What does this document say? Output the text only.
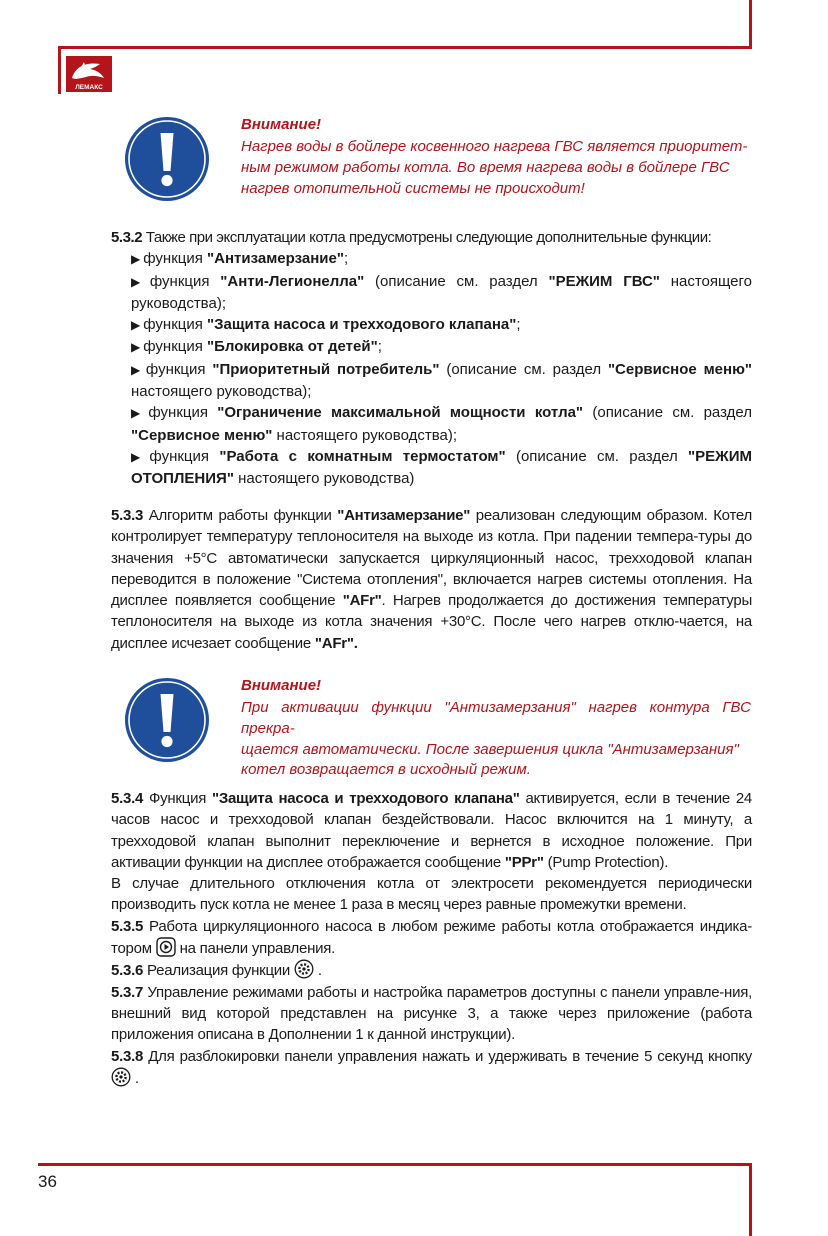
ЛЕМАКС
Внимание!
Нагрев воды в бойлере косвенного нагрева ГВС является приоритет-
ным режимом работы котла. Во время нагрева воды в бойлере ГВС
нагрев отопительной системы не происходит!

5.3.2 Также при эксплуатации котла предусмотрены следующие дополнительные функции:

▶ функция "Антизамерзание";

▶ функция "Анти-Легионелла" (описание см. раздел "РЕЖИМ ГВС" настоящего руководства);

▶ функция "Защита насоса и трехходового клапана";

▶ функция "Блокировка от детей";

▶ функция "Приоритетный потребитель" (описание см. раздел "Сервисное меню" настоящего руководства);

▶ функция "Ограничение максимальной мощности котла" (описание см. раздел "Сервисное меню" настоящего руководства);

▶ функция "Работа с комнатным термостатом" (описание см. раздел "РЕЖИМ ОТОПЛЕНИЯ" настоящего руководства)

5.3.3 Алгоритм работы функции "Антизамерзание" реализован следующим образом. Котел контролирует температуру теплоносителя на выходе из котла. При падении темпера-туры до значения +5°С автоматически запускается циркуляционный насос, трехходовой клапан переводится в положение "Система отопления", включается нагрев системы отопления. На дисплее появляется сообщение "AFr". Нагрев продолжается до достижения температуры теплоносителя на выходе из котла значения +30°С. После чего нагрев отклю-чается, на дисплее исчезает сообщение "AFr".

Внимание!
При активации функции "Антизамерзания" нагрев контура ГВС прекра-
щается автоматически. После завершения цикла "Антизамерзания"
котел возвращается в исходный режим.

5.3.4 Функция "Защита насоса и трехходового клапана" активируется, если в течение 24 часов насос и трехходовой клапан бездействовали. Насос включится на 1 минуту, а трехходовой клапан выполнит переключение и вернется в исходное положение. При активации функции на дисплее отображается сообщение "PPr" (Pump Protection).

В случае длительного отключения котла от электросети рекомендуется периодически производить пуск котла не менее 1 раза в месяц через равные промежутки времени.

5.3.5 Работа циркуляционного насоса в любом режиме работы котла отображается индика-тором  на панели управления.

5.3.6 Реализация функции  .

5.3.7 Управление режимами работы и настройка параметров доступны с панели управле-ния, внешний вид которой представлен на рисунке 3, а также через приложение (работа приложения описана в Дополнении 1 к данной инструкции).

5.3.8 Для разблокировки панели управления нажать и удерживать в течение 5 секунд кнопку .

36
